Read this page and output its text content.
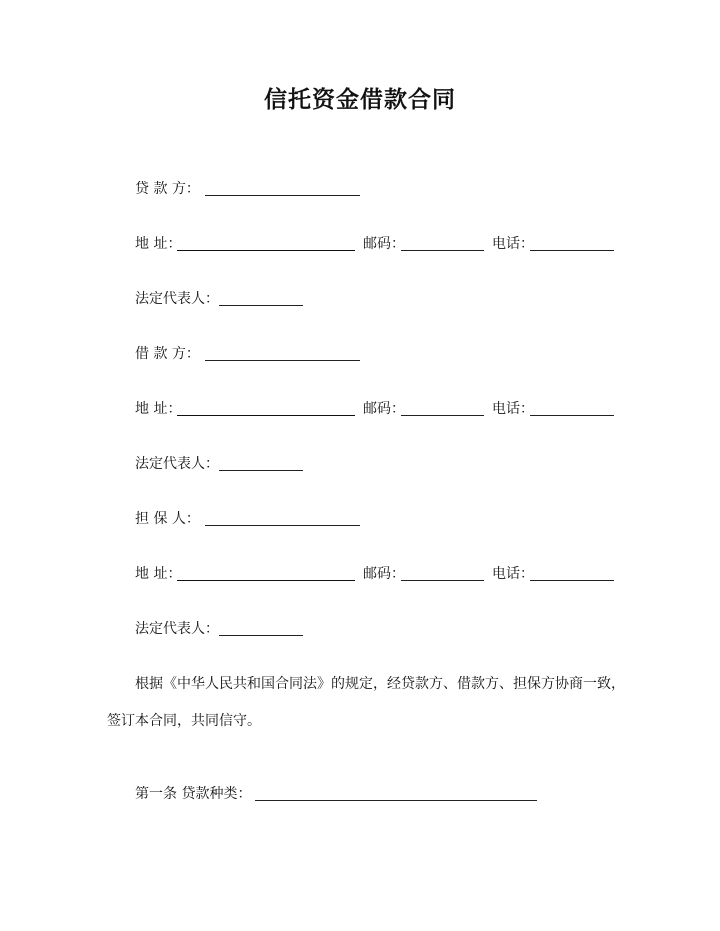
信托资金借款合同
贷 款 方：
地 址：	邮码：	电话：
法定代表人：
借 款 方：
地 址：	邮码：	电话：
法定代表人：
担 保 人：
地 址：	邮码：	电话：
法定代表人：
根据《中华人民共和国合同法》的规定，经贷款方、借款方、担保方协商一致，
签订本合同，共同信守。
第一条 贷款种类：
